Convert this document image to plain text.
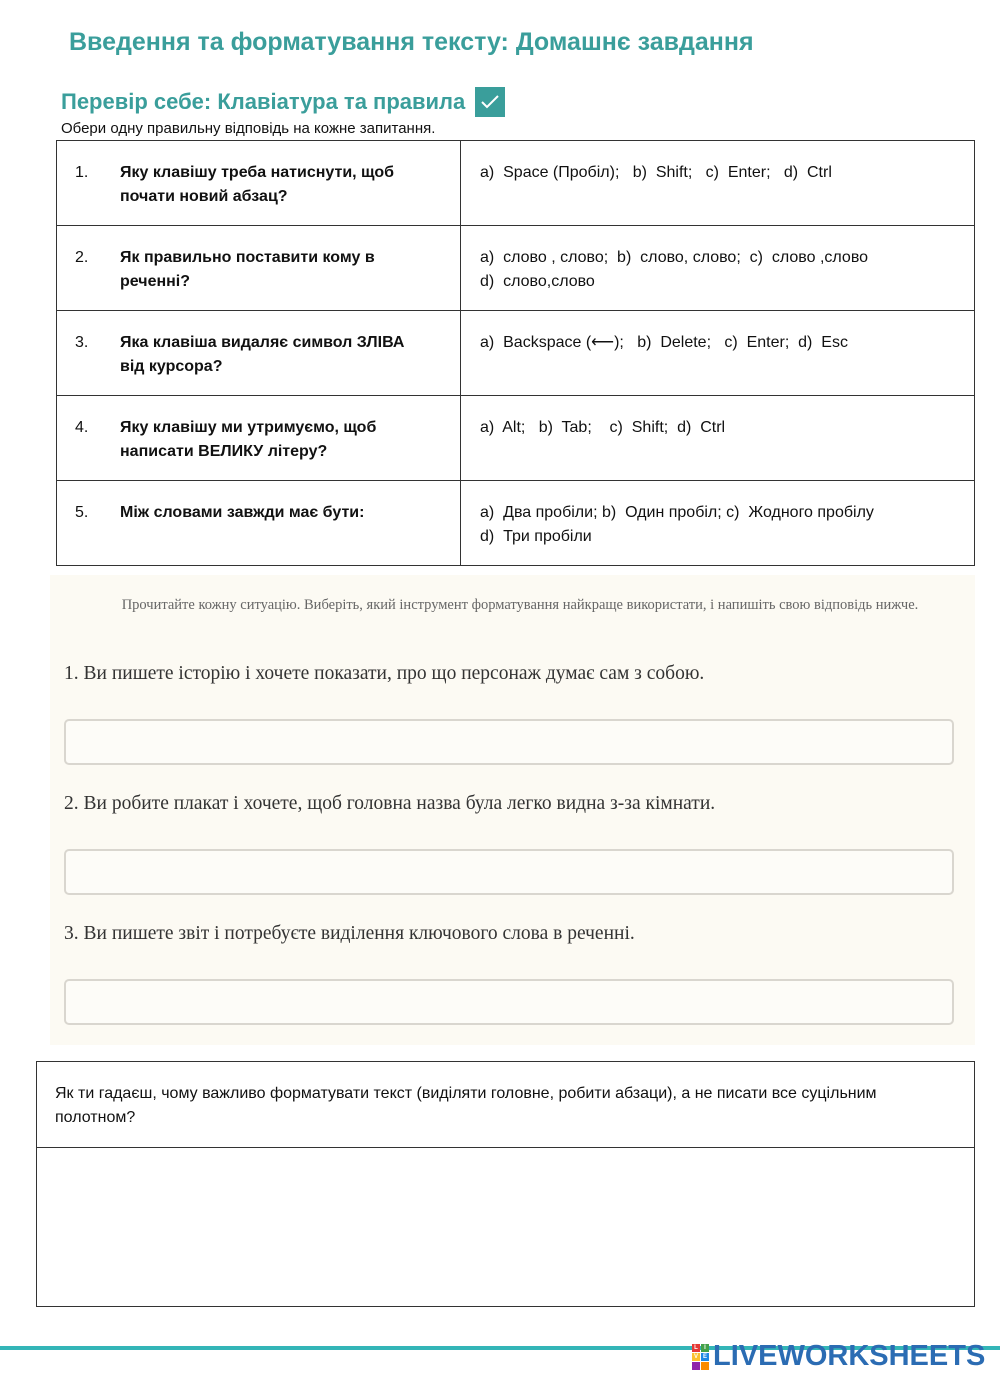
Введення та форматування тексту: Домашнє завдання
Перевір себе: Клавіатура та правила
Обери одну правильну відповідь на кожне запитання.
1. Яку клавішу треба натиснути, щоб почати новий абзац?	a)  Space (Пробіл);   b)  Shift;   c)  Enter;   d)  Ctrl

2. Як правильно поставити кому в реченні?	a)  слово , слово;  b)  слово, слово;  c)  слово ,слово
d)  слово,слово

3. Яка клавіша видаляє символ ЗЛІВА від курсора?	a)  Backspace (⟵);   b)  Delete;   c)  Enter;  d)  Esc

4. Яку клавішу ми утримуємо, щоб написати ВЕЛИКУ літеру?	a)  Alt;   b)  Tab;    c)  Shift;  d)  Ctrl

5. Між словами завжди має бути:	a)  Два пробіли; b)  Один пробіл; c)  Жодного пробілу
d)  Три пробіли
Прочитайте кожну ситуацію. Виберіть, який інструмент форматування найкраще використати, і напишіть свою відповідь нижче.
1. Ви пишете історію і хочете показати, про що персонаж думає сам з собою.
2. Ви робите плакат і хочете, щоб головна назва була легко видна з-за кімнати.
3. Ви пишете звіт і потребуєте виділення ключового слова в реченні.
Як ти гадаєш, чому важливо форматувати текст (виділяти головне, робити абзаци), а не писати все суцільним полотном?
L	I
V E LIVEWORKSHEETS
